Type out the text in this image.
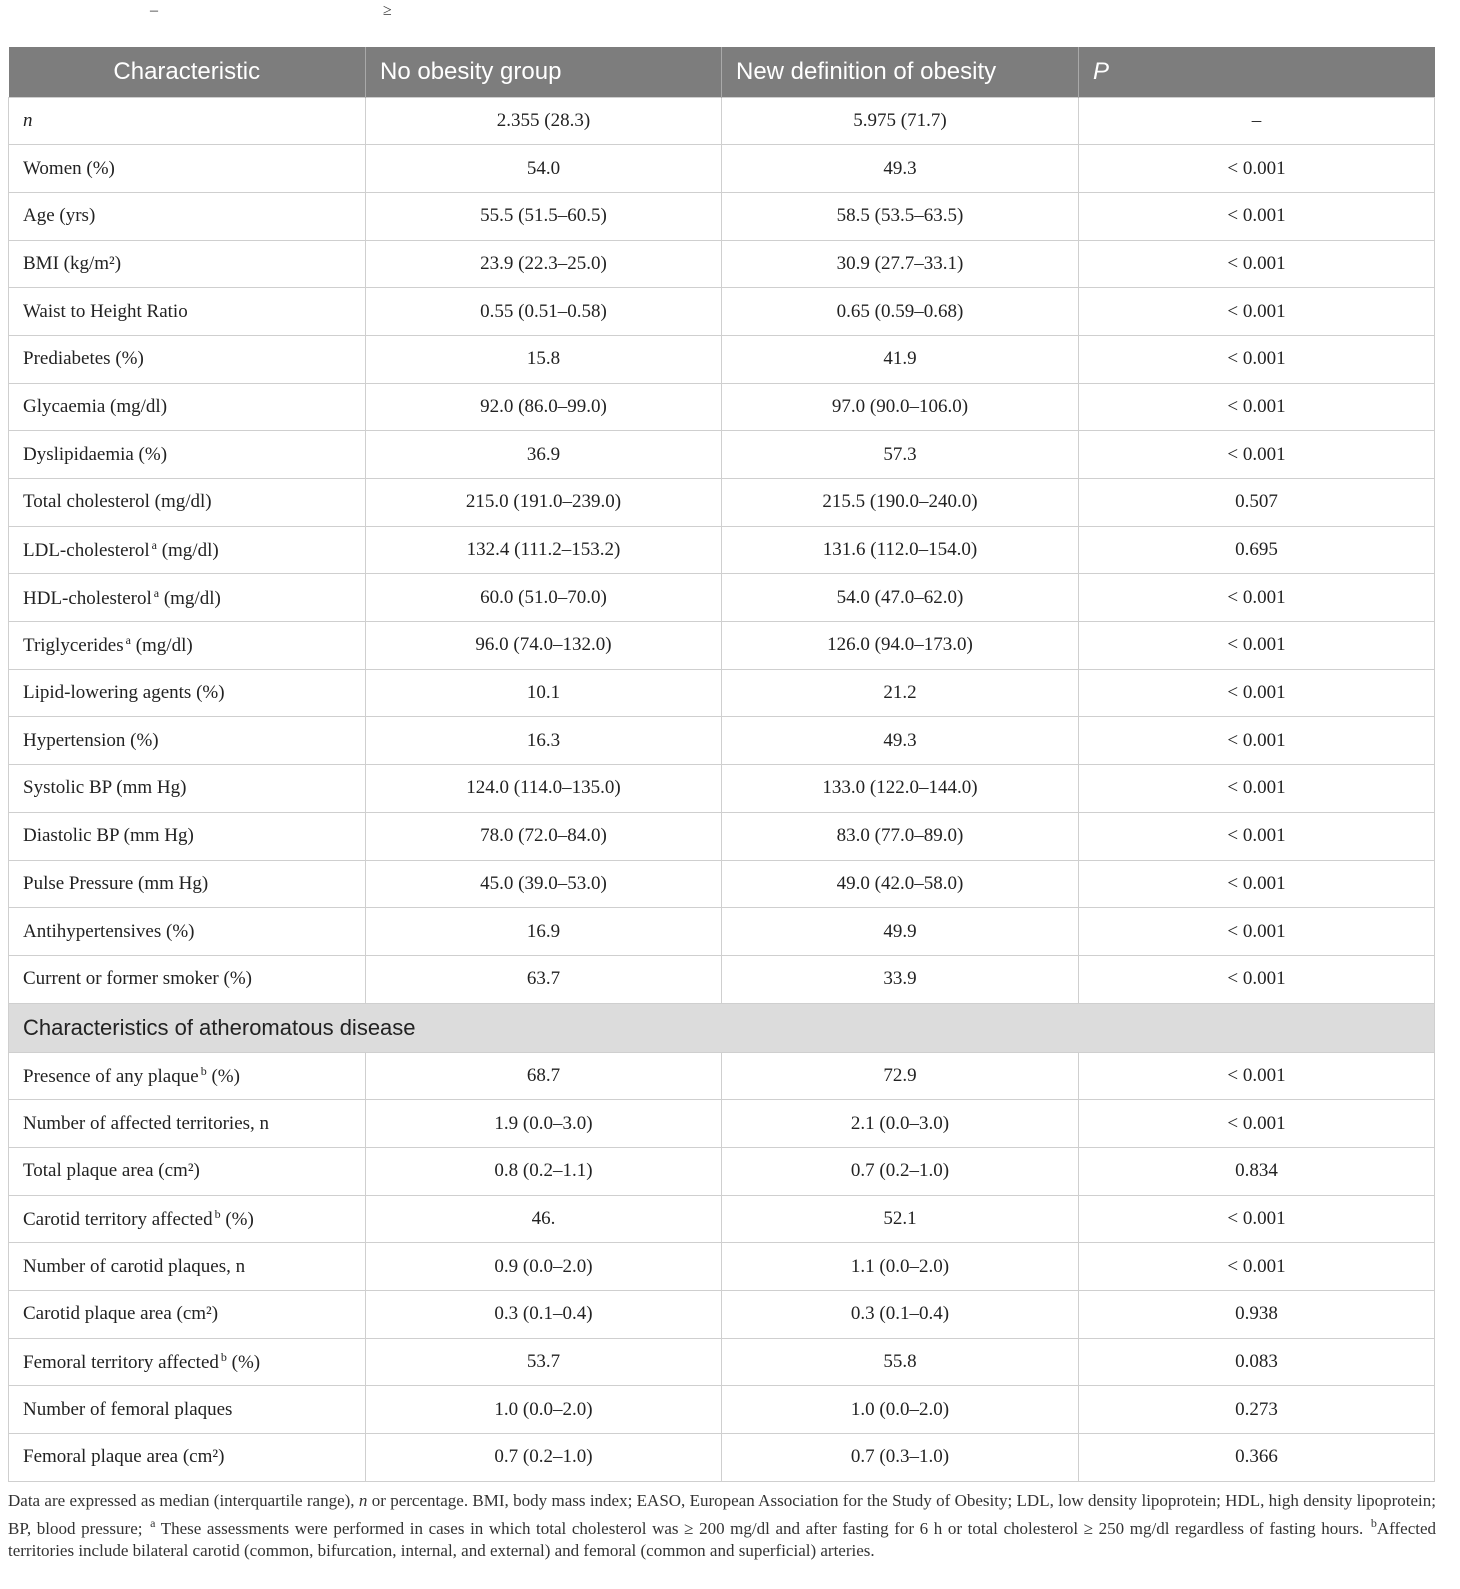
–	≥
Characteristic	No obesity group	New definition of obesity	P
n	2.355 (28.3)	5.975 (71.7)	–
Women (%)	54.0	49.3	< 0.001
Age (yrs)	55.5 (51.5–60.5)	58.5 (53.5–63.5)	< 0.001
BMI (kg/m²)	23.9 (22.3–25.0)	30.9 (27.7–33.1)	< 0.001
Waist to Height Ratio	0.55 (0.51–0.58)	0.65 (0.59–0.68)	< 0.001
Prediabetes (%)	15.8	41.9	< 0.001
Glycaemia (mg/dl)	92.0 (86.0–99.0)	97.0 (90.0–106.0)	< 0.001
Dyslipidaemia (%)	36.9	57.3	< 0.001
Total cholesterol (mg/dl)	215.0 (191.0–239.0)	215.5 (190.0–240.0)	0.507
LDL-cholesterol $^a$ (mg/dl)	132.4 (111.2–153.2)	131.6 (112.0–154.0)	0.695
HDL-cholesterol $^a$ (mg/dl)	60.0 (51.0–70.0)	54.0 (47.0–62.0)	< 0.001
Triglycerides $^a$ (mg/dl)	96.0 (74.0–132.0)	126.0 (94.0–173.0)	< 0.001
Lipid-lowering agents (%)	10.1	21.2	< 0.001
Hypertension (%)	16.3	49.3	< 0.001
Systolic BP (mm Hg)	124.0 (114.0–135.0)	133.0 (122.0–144.0)	< 0.001
Diastolic BP (mm Hg)	78.0 (72.0–84.0)	83.0 (77.0–89.0)	< 0.001
Pulse Pressure (mm Hg)	45.0 (39.0–53.0)	49.0 (42.0–58.0)	< 0.001
Antihypertensives (%)	16.9	49.9	< 0.001
Current or former smoker (%)	63.7	33.9	< 0.001
Characteristics of atheromatous disease			
Presence of any plaque $^b$ (%)	68.7	72.9	< 0.001
Number of affected territories, n	1.9 (0.0–3.0)	2.1 (0.0–3.0)	< 0.001
Total plaque area (cm²)	0.8 (0.2–1.1)	0.7 (0.2–1.0)	0.834
Carotid territory affected $^b$ (%)	46.	52.1	< 0.001
Number of carotid plaques, n	0.9 (0.0–2.0)	1.1 (0.0–2.0)	< 0.001
Carotid plaque area (cm²)	0.3 (0.1–0.4)	0.3 (0.1–0.4)	0.938
Femoral territory affected $^b$ (%)	53.7	55.8	0.083
Number of femoral plaques	1.0 (0.0–2.0)	1.0 (0.0–2.0)	0.273
Femoral plaque area (cm²)	0.7 (0.2–1.0)	0.7 (0.3–1.0)	0.366
Data are expressed as median (interquartile range), n or percentage. BMI, body mass index; EASO, European Association for the Study of Obesity; LDL, low density lipoprotein; HDL, high density lipoprotein; BP, blood pressure; $^a$ These assessments were performed in cases in which total cholesterol was ≥ 200 mg/dl and after fasting for 6 h or total cholesterol ≥ 250 mg/dl regardless of fasting hours. $^b$Affected territories include bilateral carotid (common, bifurcation, internal, and external) and femoral (common and superficial) arteries.
